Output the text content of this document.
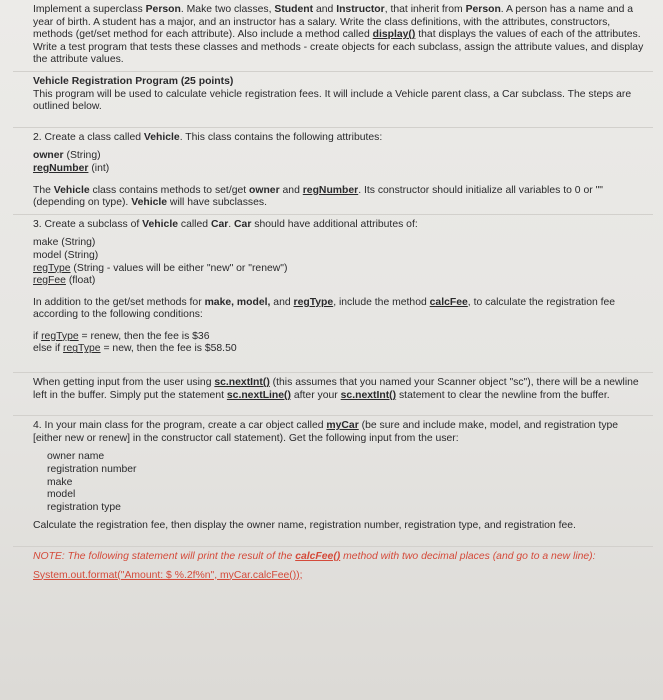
Implement a superclass Person. Make two classes, Student and Instructor, that inherit from Person. A person has a name and a year of birth. A student has a major, and an instructor has a salary. Write the class definitions, with the attributes, constructors, methods (get/set method for each attribute). Also include a method called display() that displays the values of each of the attributes. Write a test program that tests these classes and methods - create objects for each subclass, assign the attribute values, and display the attribute values.

Vehicle Registration Program (25 points)

This program will be used to calculate vehicle registration fees. It will include a Vehicle parent class, a Car subclass. The steps are outlined below.

2. Create a class called Vehicle. This class contains the following attributes:

owner (String)

regNumber (int)

The Vehicle class contains methods to set/get owner and regNumber. Its constructor should initialize all variables to 0 or "" (depending on type). Vehicle will have subclasses.

3. Create a subclass of Vehicle called Car. Car should have additional attributes of:

make (String)

model (String)

regType (String - values will be either "new" or "renew")

regFee (float)

In addition to the get/set methods for make, model, and regType, include the method calcFee, to calculate the registration fee according to the following conditions:

if regType = renew, then the fee is $36

else if regType = new, then the fee is $58.50

When getting input from the user using sc.nextInt() (this assumes that you named your Scanner object "sc"), there will be a newline left in the buffer. Simply put the statement sc.nextLine() after your sc.nextInt() statement to clear the newline from the buffer.

4. In your main class for the program, create a car object called myCar (be sure and include make, model, and registration type [either new or renew] in the constructor call statement). Get the following input from the user:

owner name

registration number

make

model

registration type

Calculate the registration fee, then display the owner name, registration number, registration type, and registration fee.

NOTE: The following statement will print the result of the calcFee() method with two decimal places (and go to a new line):

System.out.format("Amount: $ %.2f%n", myCar.calcFee());
